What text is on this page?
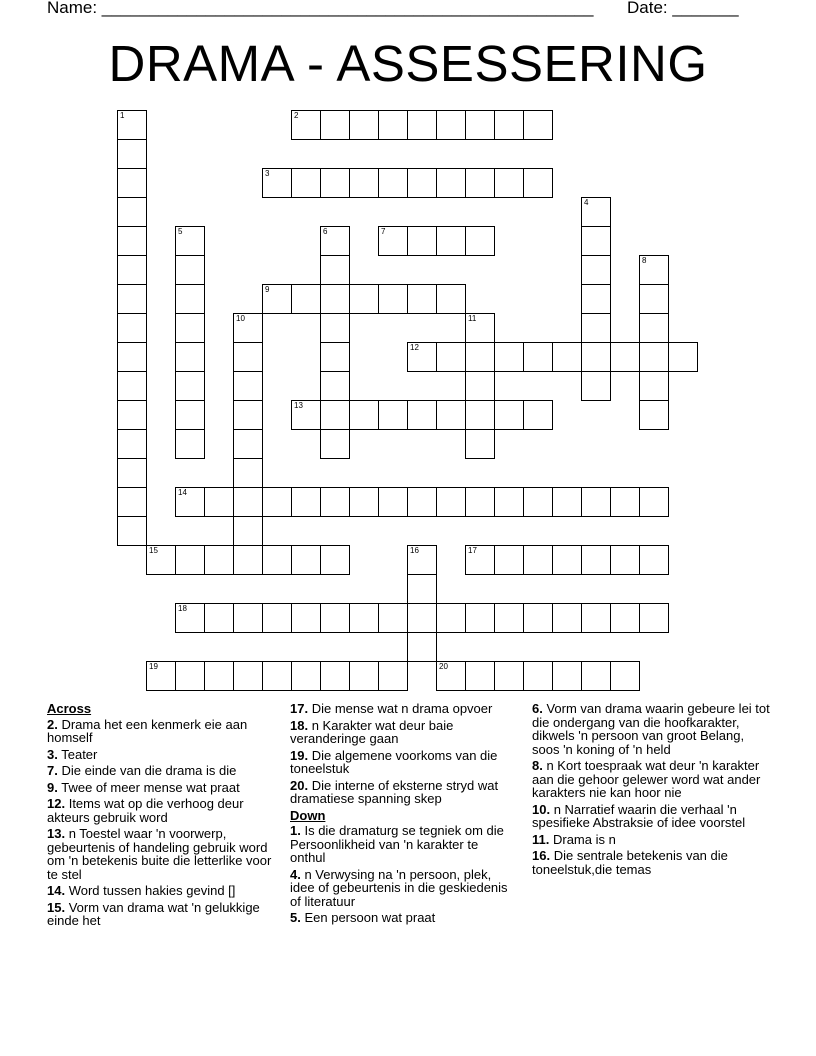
Name: ____________________________________________________ Date: _______
DRAMA - ASSESSERING
1	2
3
4
5	6	7
8
9
10	11
12
13
14
15	16	17
18
19	20
Across
2. Drama het een kenmerk eie aan homself
3. Teater
7. Die einde van die drama is die
9. Twee of meer mense wat praat
12. Items wat op die verhoog deur akteurs gebruik word
13. n Toestel waar 'n voorwerp, gebeurtenis of handeling gebruik word om 'n betekenis buite die letterlike voor te stel
14. Word tussen hakies gevind []
15. Vorm van drama wat 'n gelukkige einde het
17. Die mense wat n drama opvoer
18. n Karakter wat deur baie veranderinge gaan
19. Die algemene voorkoms van die toneelstuk
20. Die interne of eksterne stryd wat dramatiese spanning skep
Down
1. Is die dramaturg se tegniek om die Persoonlikheid van 'n karakter te onthul
4. n Verwysing na 'n persoon, plek, idee of gebeurtenis in die geskiedenis of literatuur
5. Een persoon wat praat
6. Vorm van drama waarin gebeure lei tot die ondergang van die hoofkarakter, dikwels 'n persoon van groot Belang, soos 'n koning of 'n held
8. n Kort toespraak wat deur 'n karakter aan die gehoor gelewer word wat ander karakters nie kan hoor nie
10. n Narratief waarin die verhaal 'n spesifieke Abstraksie of idee voorstel
11. Drama is n
16. Die sentrale betekenis van die toneelstuk,die temas
